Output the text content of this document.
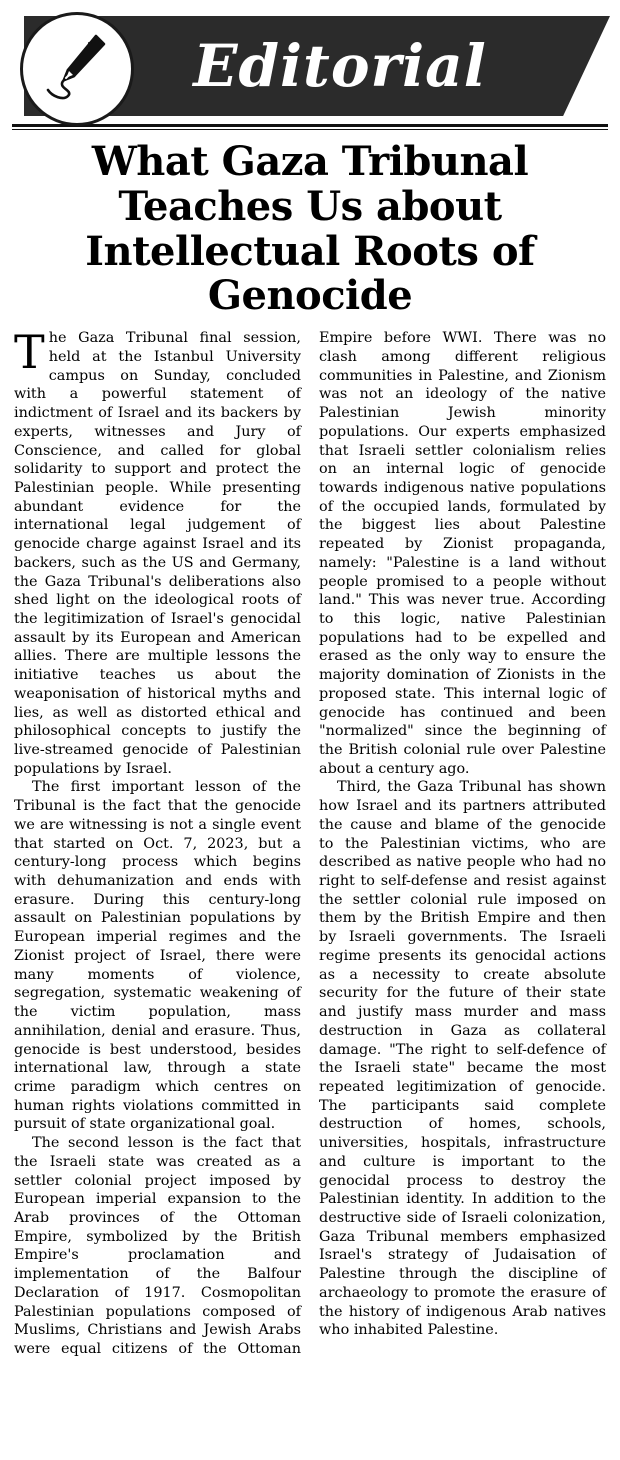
Editorial
What Gaza Tribunal Teaches Us about Intellectual Roots of Genocide

The Gaza Tribunal final session, held at the Istanbul University campus on Sunday, concluded with a powerful statement of indictment of Israel and its backers by experts, witnesses and Jury of Conscience, and called for global solidarity to support and protect the Palestinian people. While presenting abundant evidence for the international legal judgement of genocide charge against Israel and its backers, such as the US and Germany, the Gaza Tribunal's deliberations also shed light on the ideological roots of the legitimization of Israel's genocidal assault by its European and American allies. There are multiple lessons the initiative teaches us about the weaponisation of historical myths and lies, as well as distorted ethical and philosophical concepts to justify the live-streamed genocide of Palestinian populations by Israel.

The first important lesson of the Tribunal is the fact that the genocide we are witnessing is not a single event that started on Oct. 7, 2023, but a century-long process which begins with dehumanization and ends with erasure. During this century-long assault on Palestinian populations by European imperial regimes and the Zionist project of Israel, there were many moments of violence, segregation, systematic weakening of the victim population, mass annihilation, denial and erasure. Thus, genocide is best understood, besides international law, through a state crime paradigm which centres on human rights violations committed in pursuit of state organizational goal.

The second lesson is the fact that the Israeli state was created as a settler colonial project imposed by European imperial expansion to the Arab provinces of the Ottoman Empire, symbolized by the British Empire's proclamation and implementation of the Balfour Declaration of 1917. Cosmopolitan Palestinian populations composed of Muslims, Christians and Jewish Arabs were equal citizens of the Ottoman Empire before WWI. There was no clash among different religious communities in Palestine, and Zionism was not an ideology of the native Palestinian Jewish minority populations. Our experts emphasized that Israeli settler colonialism relies on an internal logic of genocide towards indigenous native populations of the occupied lands, formulated by the biggest lies about Palestine repeated by Zionist propaganda, namely: "Palestine is a land without people promised to a people without land." This was never true. According to this logic, native Palestinian populations had to be expelled and erased as the only way to ensure the majority domination of Zionists in the proposed state. This internal logic of genocide has continued and been "normalized" since the beginning of the British colonial rule over Palestine about a century ago.

Third, the Gaza Tribunal has shown how Israel and its partners attributed the cause and blame of the genocide to the Palestinian victims, who are described as native people who had no right to self-defense and resist against the settler colonial rule imposed on them by the British Empire and then by Israeli governments. The Israeli regime presents its genocidal actions as a necessity to create absolute security for the future of their state and justify mass murder and mass destruction in Gaza as collateral damage. "The right to self-defence of the Israeli state" became the most repeated legitimization of genocide. The participants said complete destruction of homes, schools, universities, hospitals, infrastructure and culture is important to the genocidal process to destroy the Palestinian identity. In addition to the destructive side of Israeli colonization, Gaza Tribunal members emphasized Israel's strategy of Judaisation of Palestine through the discipline of archaeology to promote the erasure of the history of indigenous Arab natives who inhabited Palestine.
